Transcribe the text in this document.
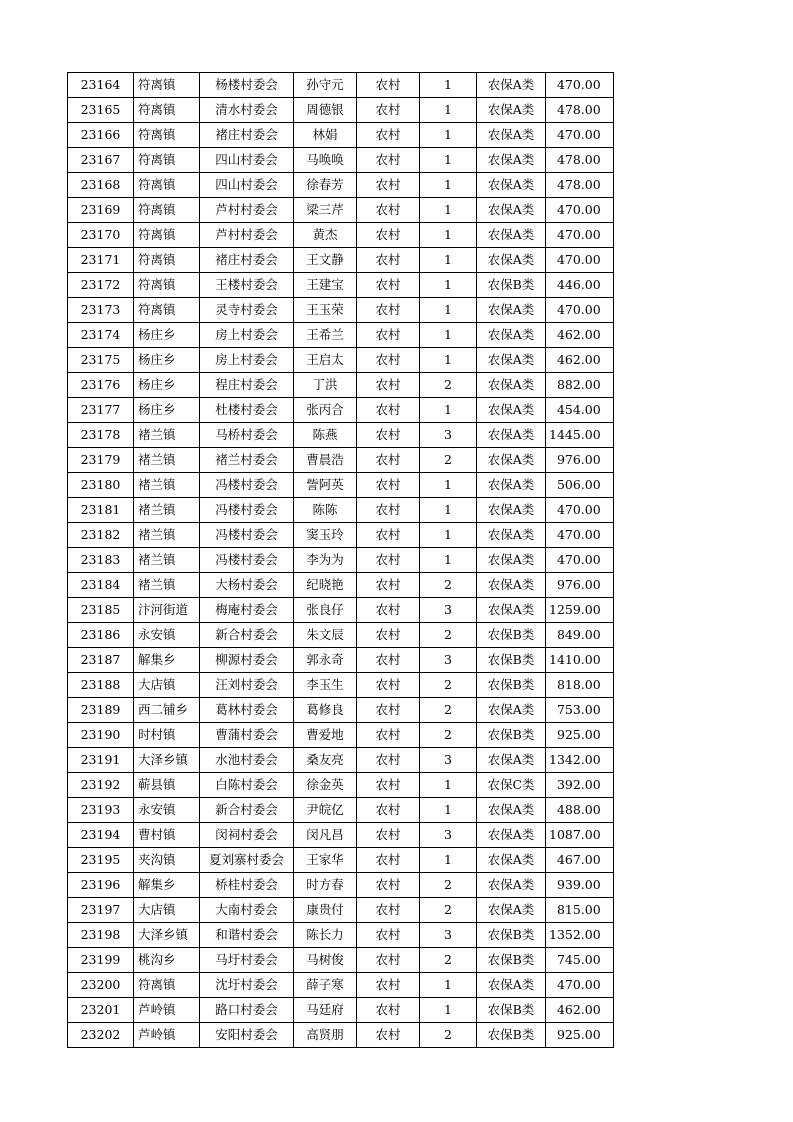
23164	符离镇	杨楼村委会	孙守元	农村	1	农保A类	470.00
23165	符离镇	清水村委会	周德银	农村	1	农保A类	478.00
23166	符离镇	褚庄村委会	林娟	农村	1	农保A类	470.00
23167	符离镇	四山村委会	马唤唤	农村	1	农保A类	478.00
23168	符离镇	四山村委会	徐春芳	农村	1	农保A类	478.00
23169	符离镇	芦村村委会	梁三芹	农村	1	农保A类	470.00
23170	符离镇	芦村村委会	黄杰	农村	1	农保A类	470.00
23171	符离镇	褚庄村委会	王文静	农村	1	农保A类	470.00
23172	符离镇	王楼村委会	王建宝	农村	1	农保B类	446.00
23173	符离镇	灵寺村委会	王玉荣	农村	1	农保A类	470.00
23174	杨庄乡	房上村委会	王希兰	农村	1	农保A类	462.00
23175	杨庄乡	房上村委会	王启太	农村	1	农保A类	462.00
23176	杨庄乡	程庄村委会	丁洪	农村	2	农保A类	882.00
23177	杨庄乡	杜楼村委会	张丙合	农村	1	农保A类	454.00
23178	褚兰镇	马桥村委会	陈燕	农村	3	农保A类	1445.00
23179	褚兰镇	褚兰村委会	曹晨浩	农村	2	农保A类	976.00
23180	褚兰镇	冯楼村委会	訾阿英	农村	1	农保A类	506.00
23181	褚兰镇	冯楼村委会	陈陈	农村	1	农保A类	470.00
23182	褚兰镇	冯楼村委会	窦玉玲	农村	1	农保A类	470.00
23183	褚兰镇	冯楼村委会	李为为	农村	1	农保A类	470.00
23184	褚兰镇	大杨村委会	纪晓艳	农村	2	农保A类	976.00
23185	汴河街道	梅庵村委会	张良仔	农村	3	农保A类	1259.00
23186	永安镇	新合村委会	朱文辰	农村	2	农保B类	849.00
23187	解集乡	柳源村委会	郭永奇	农村	3	农保B类	1410.00
23188	大店镇	汪刘村委会	李玉生	农村	2	农保B类	818.00
23189	西二铺乡	葛林村委会	葛修良	农村	2	农保A类	753.00
23190	时村镇	曹蒲村委会	曹爱地	农村	2	农保B类	925.00
23191	大泽乡镇	水池村委会	桑友亮	农村	3	农保A类	1342.00
23192	蕲县镇	白陈村委会	徐金英	农村	1	农保C类	392.00
23193	永安镇	新合村委会	尹皖亿	农村	1	农保A类	488.00
23194	曹村镇	闵祠村委会	闵凡昌	农村	3	农保A类	1087.00
23195	夹沟镇	夏刘寨村委会	王家华	农村	1	农保A类	467.00
23196	解集乡	桥桂村委会	时方春	农村	2	农保A类	939.00
23197	大店镇	大南村委会	康贵付	农村	2	农保A类	815.00
23198	大泽乡镇	和谐村委会	陈长力	农村	3	农保B类	1352.00
23199	桃沟乡	马圩村委会	马树俊	农村	2	农保B类	745.00
23200	符离镇	沈圩村委会	薛子寒	农村	1	农保A类	470.00
23201	芦岭镇	路口村委会	马廷府	农村	1	农保B类	462.00
23202	芦岭镇	安阳村委会	高贤朋	农村	2	农保B类	925.00
